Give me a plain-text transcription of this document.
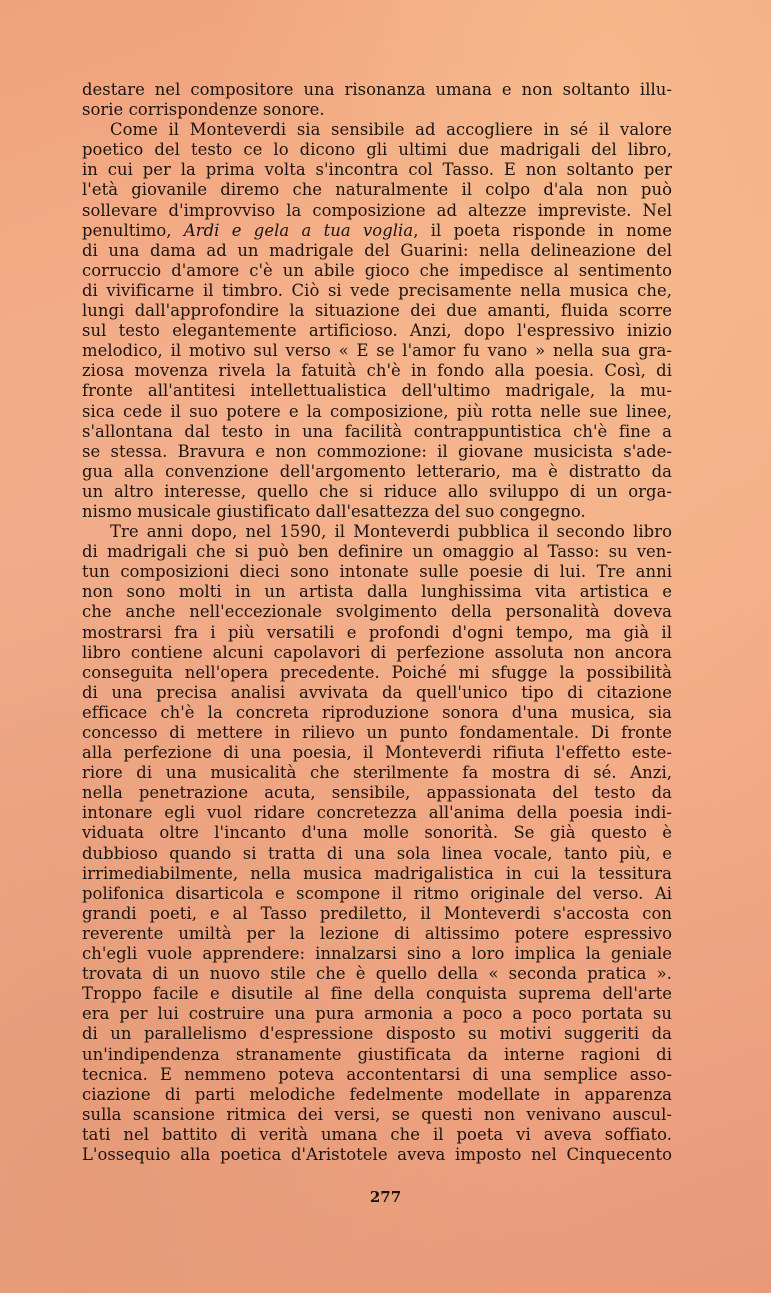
destare nel compositore una risonanza umana e non soltanto illu-
sorie corrispondenze sonore.
Come il Monteverdi sia sensibile ad accogliere in sé il valore
poetico del testo ce lo dicono gli ultimi due madrigali del libro,
in cui per la prima volta s'incontra col Tasso. E non soltanto per
l'età giovanile diremo che naturalmente il colpo d'ala non può
sollevare d'improvviso la composizione ad altezze impreviste. Nel
penultimo, Ardi e gela a tua voglia, il poeta risponde in nome
di una dama ad un madrigale del Guarini: nella delineazione del
corruccio d'amore c'è un abile gioco che impedisce al sentimento
di vivificarne il timbro. Ciò si vede precisamente nella musica che,
lungi dall'approfondire la situazione dei due amanti, fluida scorre
sul testo elegantemente artificioso. Anzi, dopo l'espressivo inizio
melodico, il motivo sul verso « E se l'amor fu vano » nella sua gra-
ziosa movenza rivela la fatuità ch'è in fondo alla poesia. Così, di
fronte all'antitesi intellettualistica dell'ultimo madrigale, la mu-
sica cede il suo potere e la composizione, più rotta nelle sue linee,
s'allontana dal testo in una facilità contrappuntistica ch'è fine a
se stessa. Bravura e non commozione: il giovane musicista s'ade-
gua alla convenzione dell'argomento letterario, ma è distratto da
un altro interesse, quello che si riduce allo sviluppo di un orga-
nismo musicale giustificato dall'esattezza del suo congegno.
Tre anni dopo, nel 1590, il Monteverdi pubblica il secondo libro
di madrigali che si può ben definire un omaggio al Tasso: su ven-
tun composizioni dieci sono intonate sulle poesie di lui. Tre anni
non sono molti in un artista dalla lunghissima vita artistica e
che anche nell'eccezionale svolgimento della personalità doveva
mostrarsi fra i più versatili e profondi d'ogni tempo, ma già il
libro contiene alcuni capolavori di perfezione assoluta non ancora
conseguita nell'opera precedente. Poiché mi sfugge la possibilità
di una precisa analisi avvivata da quell'unico tipo di citazione
efficace ch'è la concreta riproduzione sonora d'una musica, sia
concesso di mettere in rilievo un punto fondamentale. Di fronte
alla perfezione di una poesia, il Monteverdi rifiuta l'effetto este-
riore di una musicalità che sterilmente fa mostra di sé. Anzi,
nella penetrazione acuta, sensibile, appassionata del testo da
intonare egli vuol ridare concretezza all'anima della poesia indi-
viduata oltre l'incanto d'una molle sonorità. Se già questo è
dubbioso quando si tratta di una sola linea vocale, tanto più, e
irrimediabilmente, nella musica madrigalistica in cui la tessitura
polifonica disarticola e scompone il ritmo originale del verso. Ai
grandi poeti, e al Tasso prediletto, il Monteverdi s'accosta con
reverente umiltà per la lezione di altissimo potere espressivo
ch'egli vuole apprendere: innalzarsi sino a loro implica la geniale
trovata di un nuovo stile che è quello della « seconda pratica ».
Troppo facile e disutile al fine della conquista suprema dell'arte
era per lui costruire una pura armonia a poco a poco portata su
di un parallelismo d'espressione disposto su motivi suggeriti da
un'indipendenza stranamente giustificata da interne ragioni di
tecnica. E nemmeno poteva accontentarsi di una semplice asso-
ciazione di parti melodiche fedelmente modellate in apparenza
sulla scansione ritmica dei versi, se questi non venivano auscul-
tati nel battito di verità umana che il poeta vi aveva soffiato.
L'ossequio alla poetica d'Aristotele aveva imposto nel Cinquecento
277
